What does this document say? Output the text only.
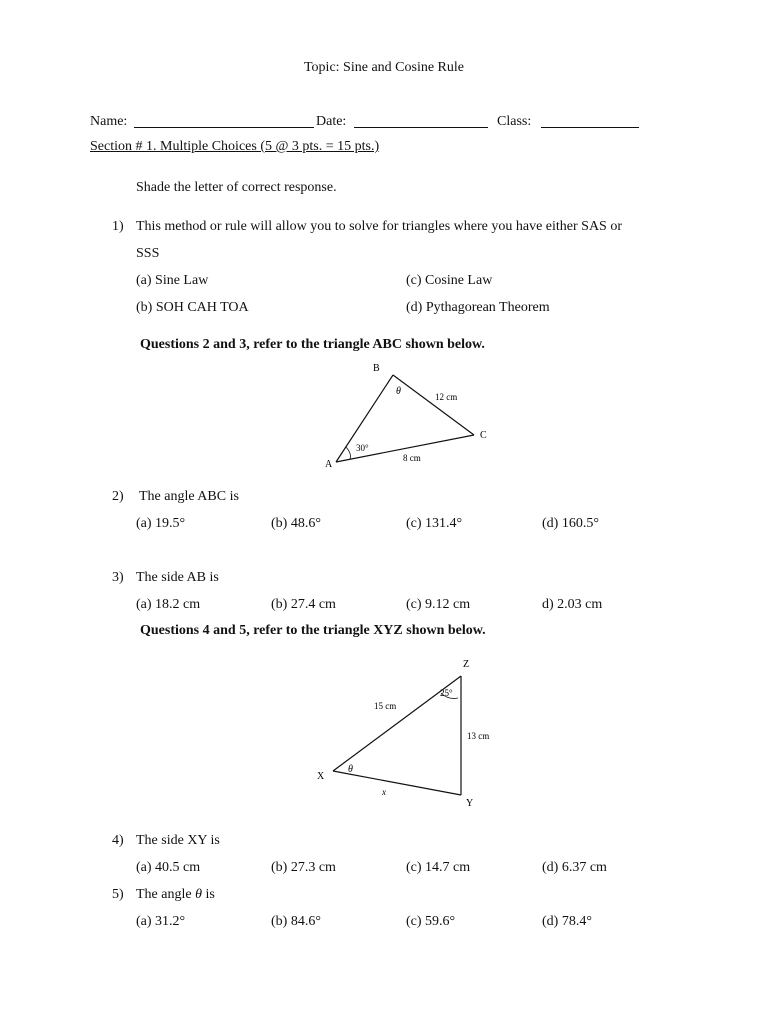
Topic: Sine and Cosine Rule
Name:	Date:	Class:
Section # 1. Multiple Choices (5 @ 3 pts. = 15 pts.)
Shade the letter of correct response.
1) This method or rule will allow you to solve for triangles where you have either SAS or
SSS
(a) Sine Law	(c) Cosine Law
(b) SOH CAH TOA	(d) Pythagorean Theorem
Questions 2 and 3, refer to the triangle ABC shown below.
B
A
C
θ
30°
12 cm
8 cm
Z
X
Y
θ
25°
15 cm
13 cm
x
2) The angle ABC is
(a) 19.5°	(b) 48.6°	(c) 131.4°	(d) 160.5°
3) The side AB is
(a) 18.2 cm	(b) 27.4 cm	(c) 9.12 cm	d) 2.03 cm
Questions 4 and 5, refer to the triangle XYZ shown below.
4) The side XY is
(a) 40.5 cm	(b) 27.3 cm	(c) 14.7 cm	(d) 6.37 cm
5) The angle θ is
(a) 31.2°	(b) 84.6°	(c) 59.6°	(d) 78.4°
